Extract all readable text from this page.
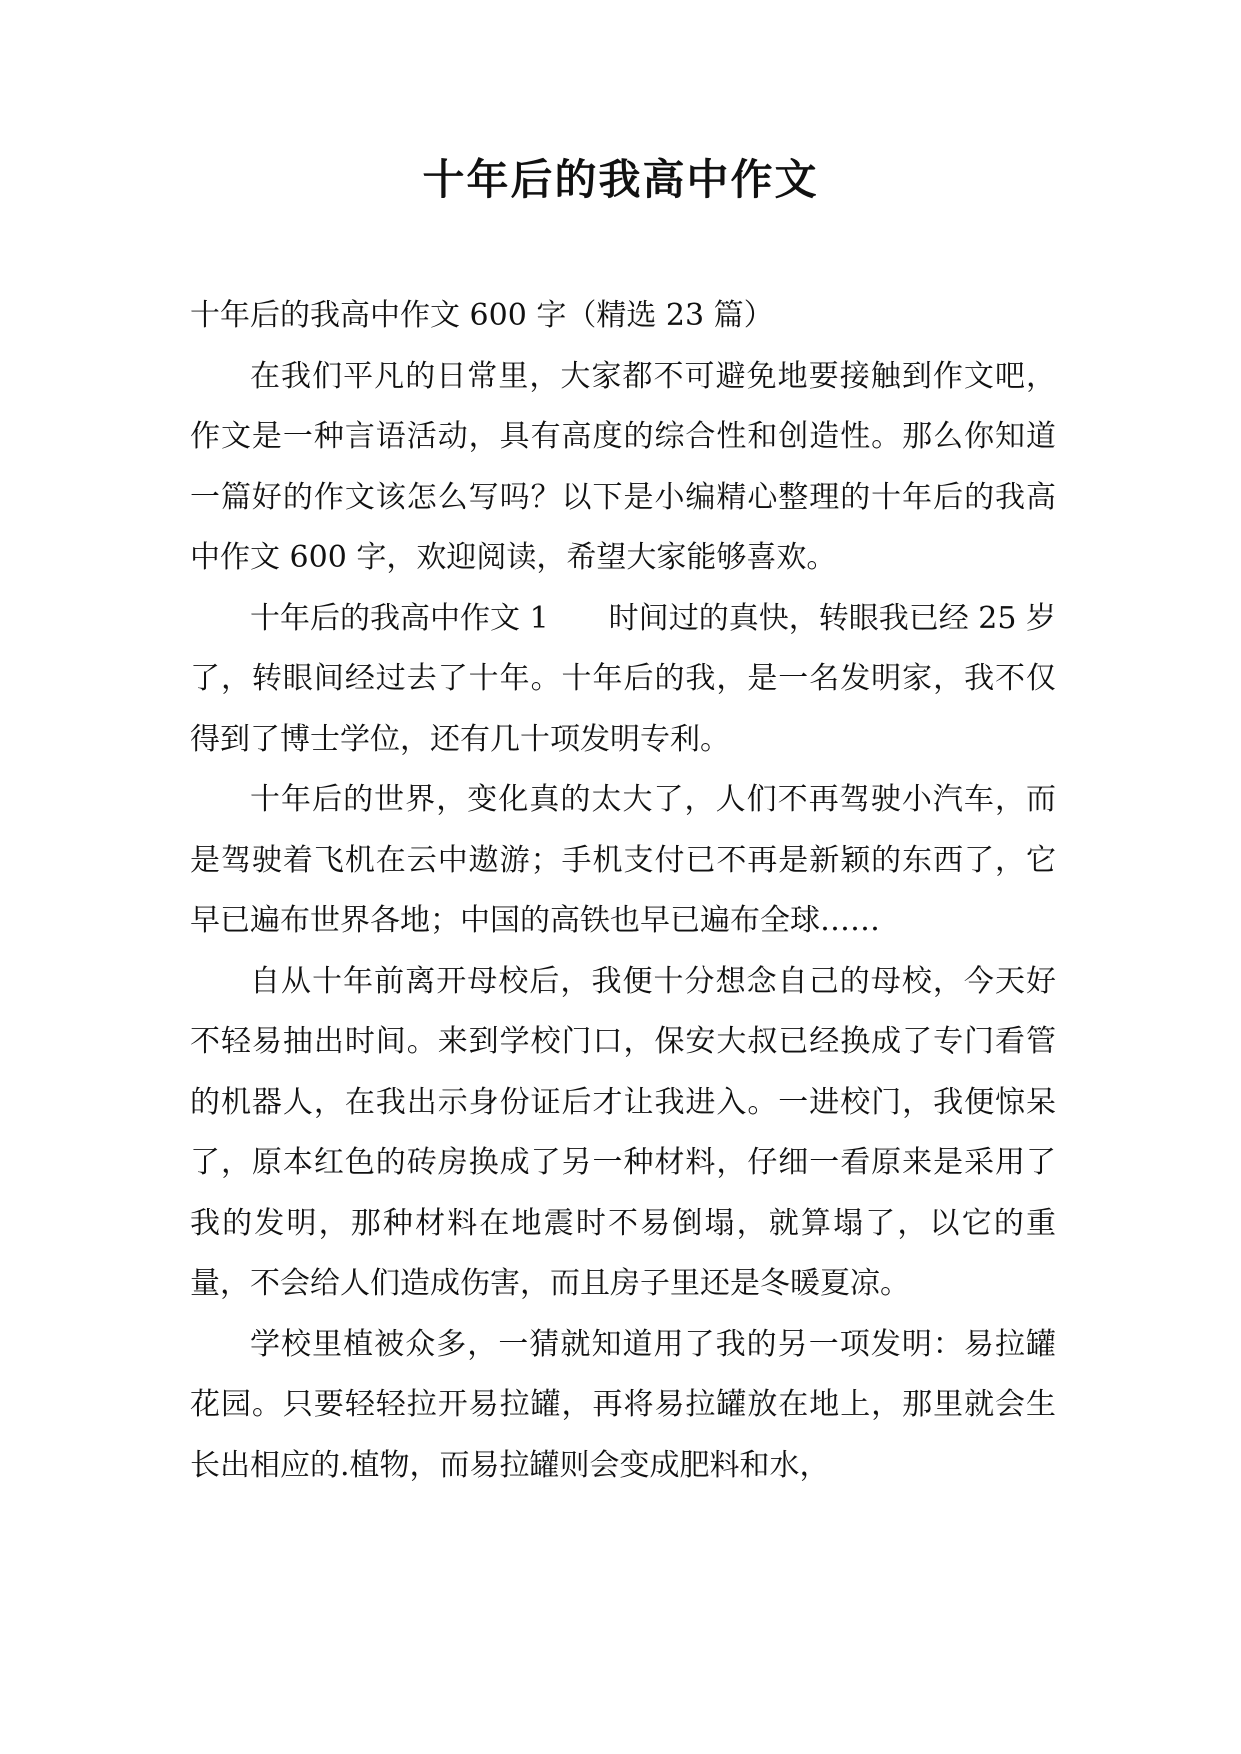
十年后的我高中作文

十年后的我高中作文 600 字（精选 23 篇）

在我们平凡的日常里，大家都不可避免地要接触到作文吧，作文是一种言语活动，具有高度的综合性和创造性。那么你知道一篇好的作文该怎么写吗？以下是小编精心整理的十年后的我高中作文 600 字，欢迎阅读，希望大家能够喜欢。

十年后的我高中作文 1　　时间过的真快，转眼我已经 25 岁了，转眼间经过去了十年。十年后的我，是一名发明家，我不仅得到了博士学位，还有几十项发明专利。

十年后的世界，变化真的太大了，人们不再驾驶小汽车，而是驾驶着飞机在云中遨游；手机支付已不再是新颖的东西了，它早已遍布世界各地；中国的高铁也早已遍布全球……

自从十年前离开母校后，我便十分想念自己的母校，今天好不轻易抽出时间。来到学校门口，保安大叔已经换成了专门看管的机器人，在我出示身份证后才让我进入。一进校门，我便惊呆了，原本红色的砖房换成了另一种材料，仔细一看原来是采用了我的发明，那种材料在地震时不易倒塌，就算塌了，以它的重量，不会给人们造成伤害，而且房子里还是冬暖夏凉。

学校里植被众多，一猜就知道用了我的另一项发明：易拉罐花园。只要轻轻拉开易拉罐，再将易拉罐放在地上，那里就会生长出相应的.植物，而易拉罐则会变成肥料和水，
